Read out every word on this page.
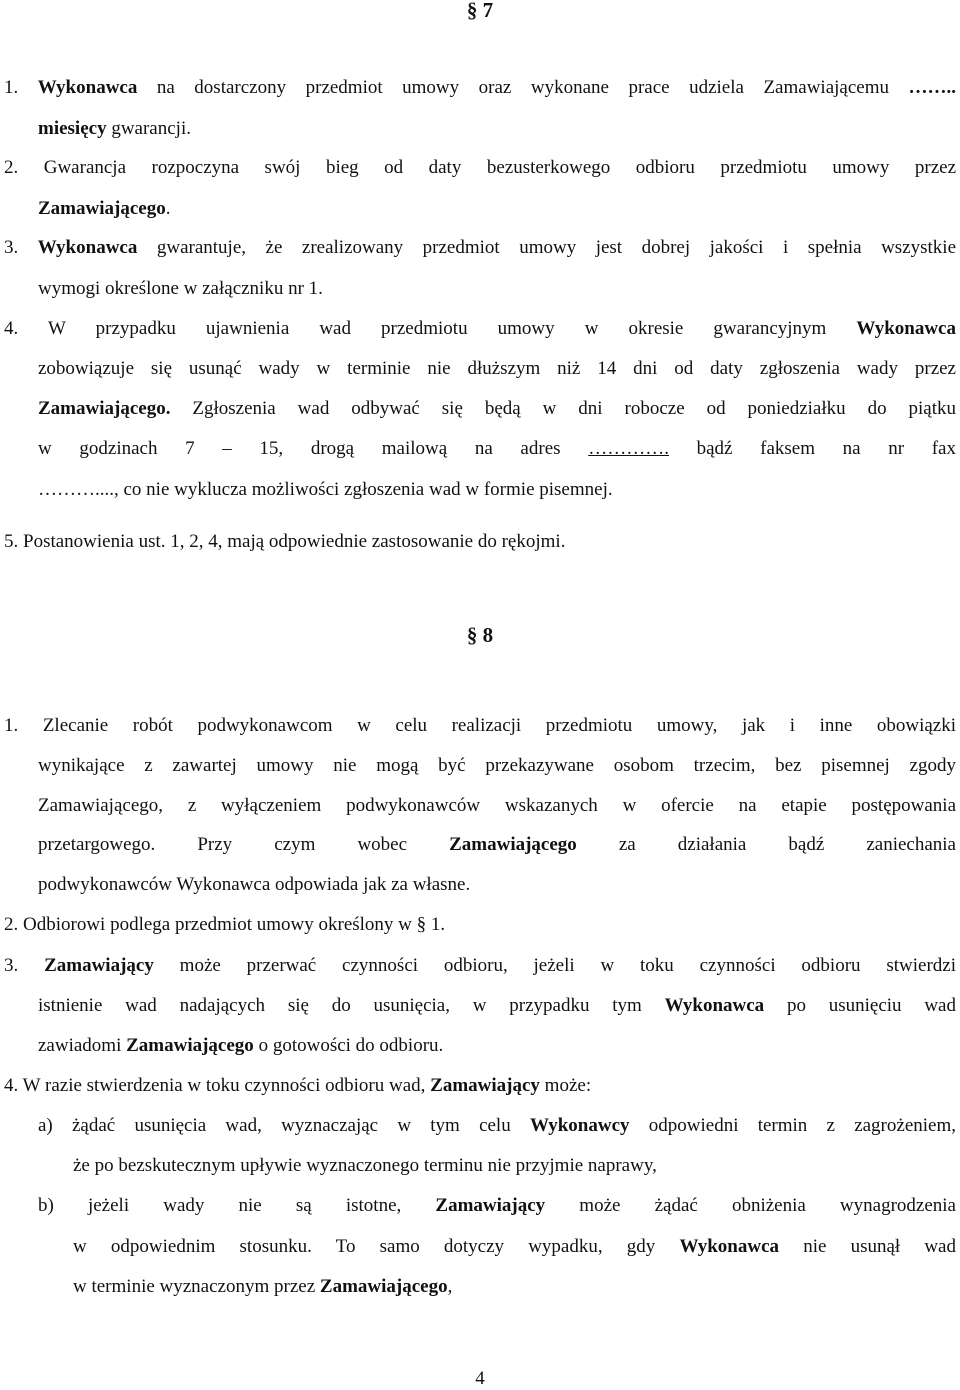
§ 7
1. Wykonawca na dostarczony przedmiot umowy oraz wykonane prace udziela Zamawiającemu ……..
miesięcy gwarancji.
2. Gwarancja rozpoczyna swój bieg od daty bezusterkowego odbioru przedmiotu umowy przez
Zamawiającego.
3. Wykonawca gwarantuje, że zrealizowany przedmiot umowy jest dobrej jakości i spełnia wszystkie
wymogi określone w załączniku nr 1.
4. W przypadku ujawnienia wad przedmiotu umowy w okresie gwarancyjnym Wykonawca
zobowiązuje się usunąć wady w terminie nie dłuższym niż 14 dni od daty zgłoszenia wady przez
Zamawiającego. Zgłoszenia wad odbywać się będą w dni robocze od poniedziałku do piątku
w godzinach 7 – 15, drogą mailową na adres …………. bądź faksem na nr fax
………...., co nie wyklucza możliwości zgłoszenia wad w formie pisemnej.
5. Postanowienia ust. 1, 2, 4, mają odpowiednie zastosowanie do rękojmi.
§ 8
1. Zlecanie robót podwykonawcom w celu realizacji przedmiotu umowy, jak i inne obowiązki
wynikające z zawartej umowy nie mogą być przekazywane osobom trzecim, bez pisemnej zgody
Zamawiającego, z wyłączeniem podwykonawców wskazanych w ofercie na etapie postępowania
przetargowego. Przy czym wobec Zamawiającego za działania bądź zaniechania
podwykonawców Wykonawca odpowiada jak za własne.
2. Odbiorowi podlega przedmiot umowy określony w § 1.
3. Zamawiający może przerwać czynności odbioru, jeżeli w toku czynności odbioru stwierdzi
istnienie wad nadających się do usunięcia, w przypadku tym Wykonawca po usunięciu wad
zawiadomi Zamawiającego o gotowości do odbioru.
4. W razie stwierdzenia w toku czynności odbioru wad, Zamawiający może:
a) żądać usunięcia wad, wyznaczając w tym celu Wykonawcy odpowiedni termin z zagrożeniem,
że po bezskutecznym upływie wyznaczonego terminu nie przyjmie naprawy,
b) jeżeli wady nie są istotne, Zamawiający może żądać obniżenia wynagrodzenia
w odpowiednim stosunku. To samo dotyczy wypadku, gdy Wykonawca nie usunął wad
w terminie wyznaczonym przez Zamawiającego,
4
